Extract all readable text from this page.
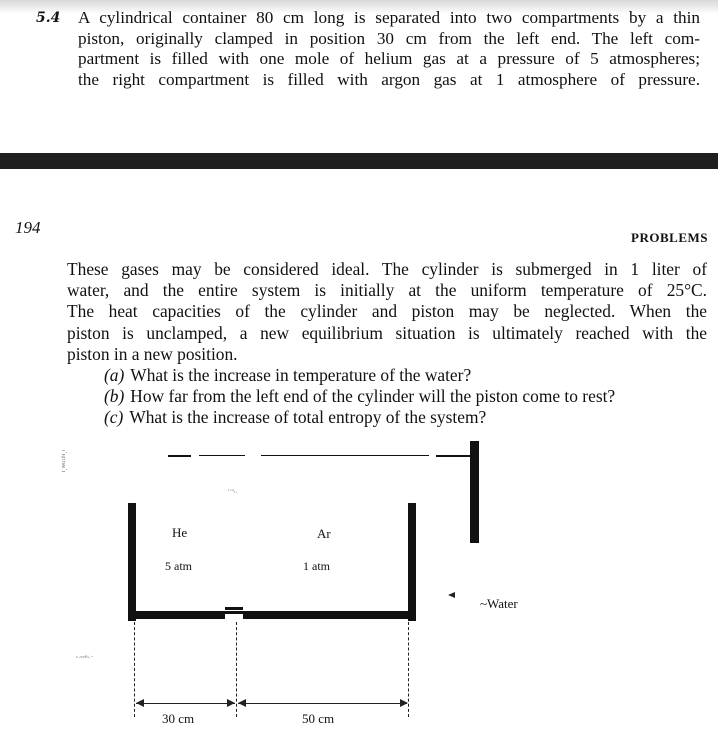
5.4 A cylindrical container 80 cm long is separated into two compartments by a thin
piston, originally clamped in position 30 cm from the left end. The left com-
partment is filled with one mole of helium gas at a pressure of 5 atmospheres;
the right compartment is filled with argon gas at 1 atmosphere of pressure.
194
PROBLEMS
These gases may be considered ideal. The cylinder is submerged in 1 liter of
water, and the entire system is initially at the uniform temperature of 25°C.
The heat capacities of the cylinder and piston may be neglected. When the
piston is unclamped, a new equilibrium situation is ultimately reached with the
piston in a new position.
(a) What is the increase in temperature of the water?
(b) How far from the left end of the cylinder will the piston come to rest?
(c) What is the increase of total entropy of the system?
ʳ·ᵘᵣ.
He
5 atm
Ar
1 atm
~Water
ப்ராசுப்
ᶜ·ˢᵉᴿᴵ·⁻
30 cm	50 cm
